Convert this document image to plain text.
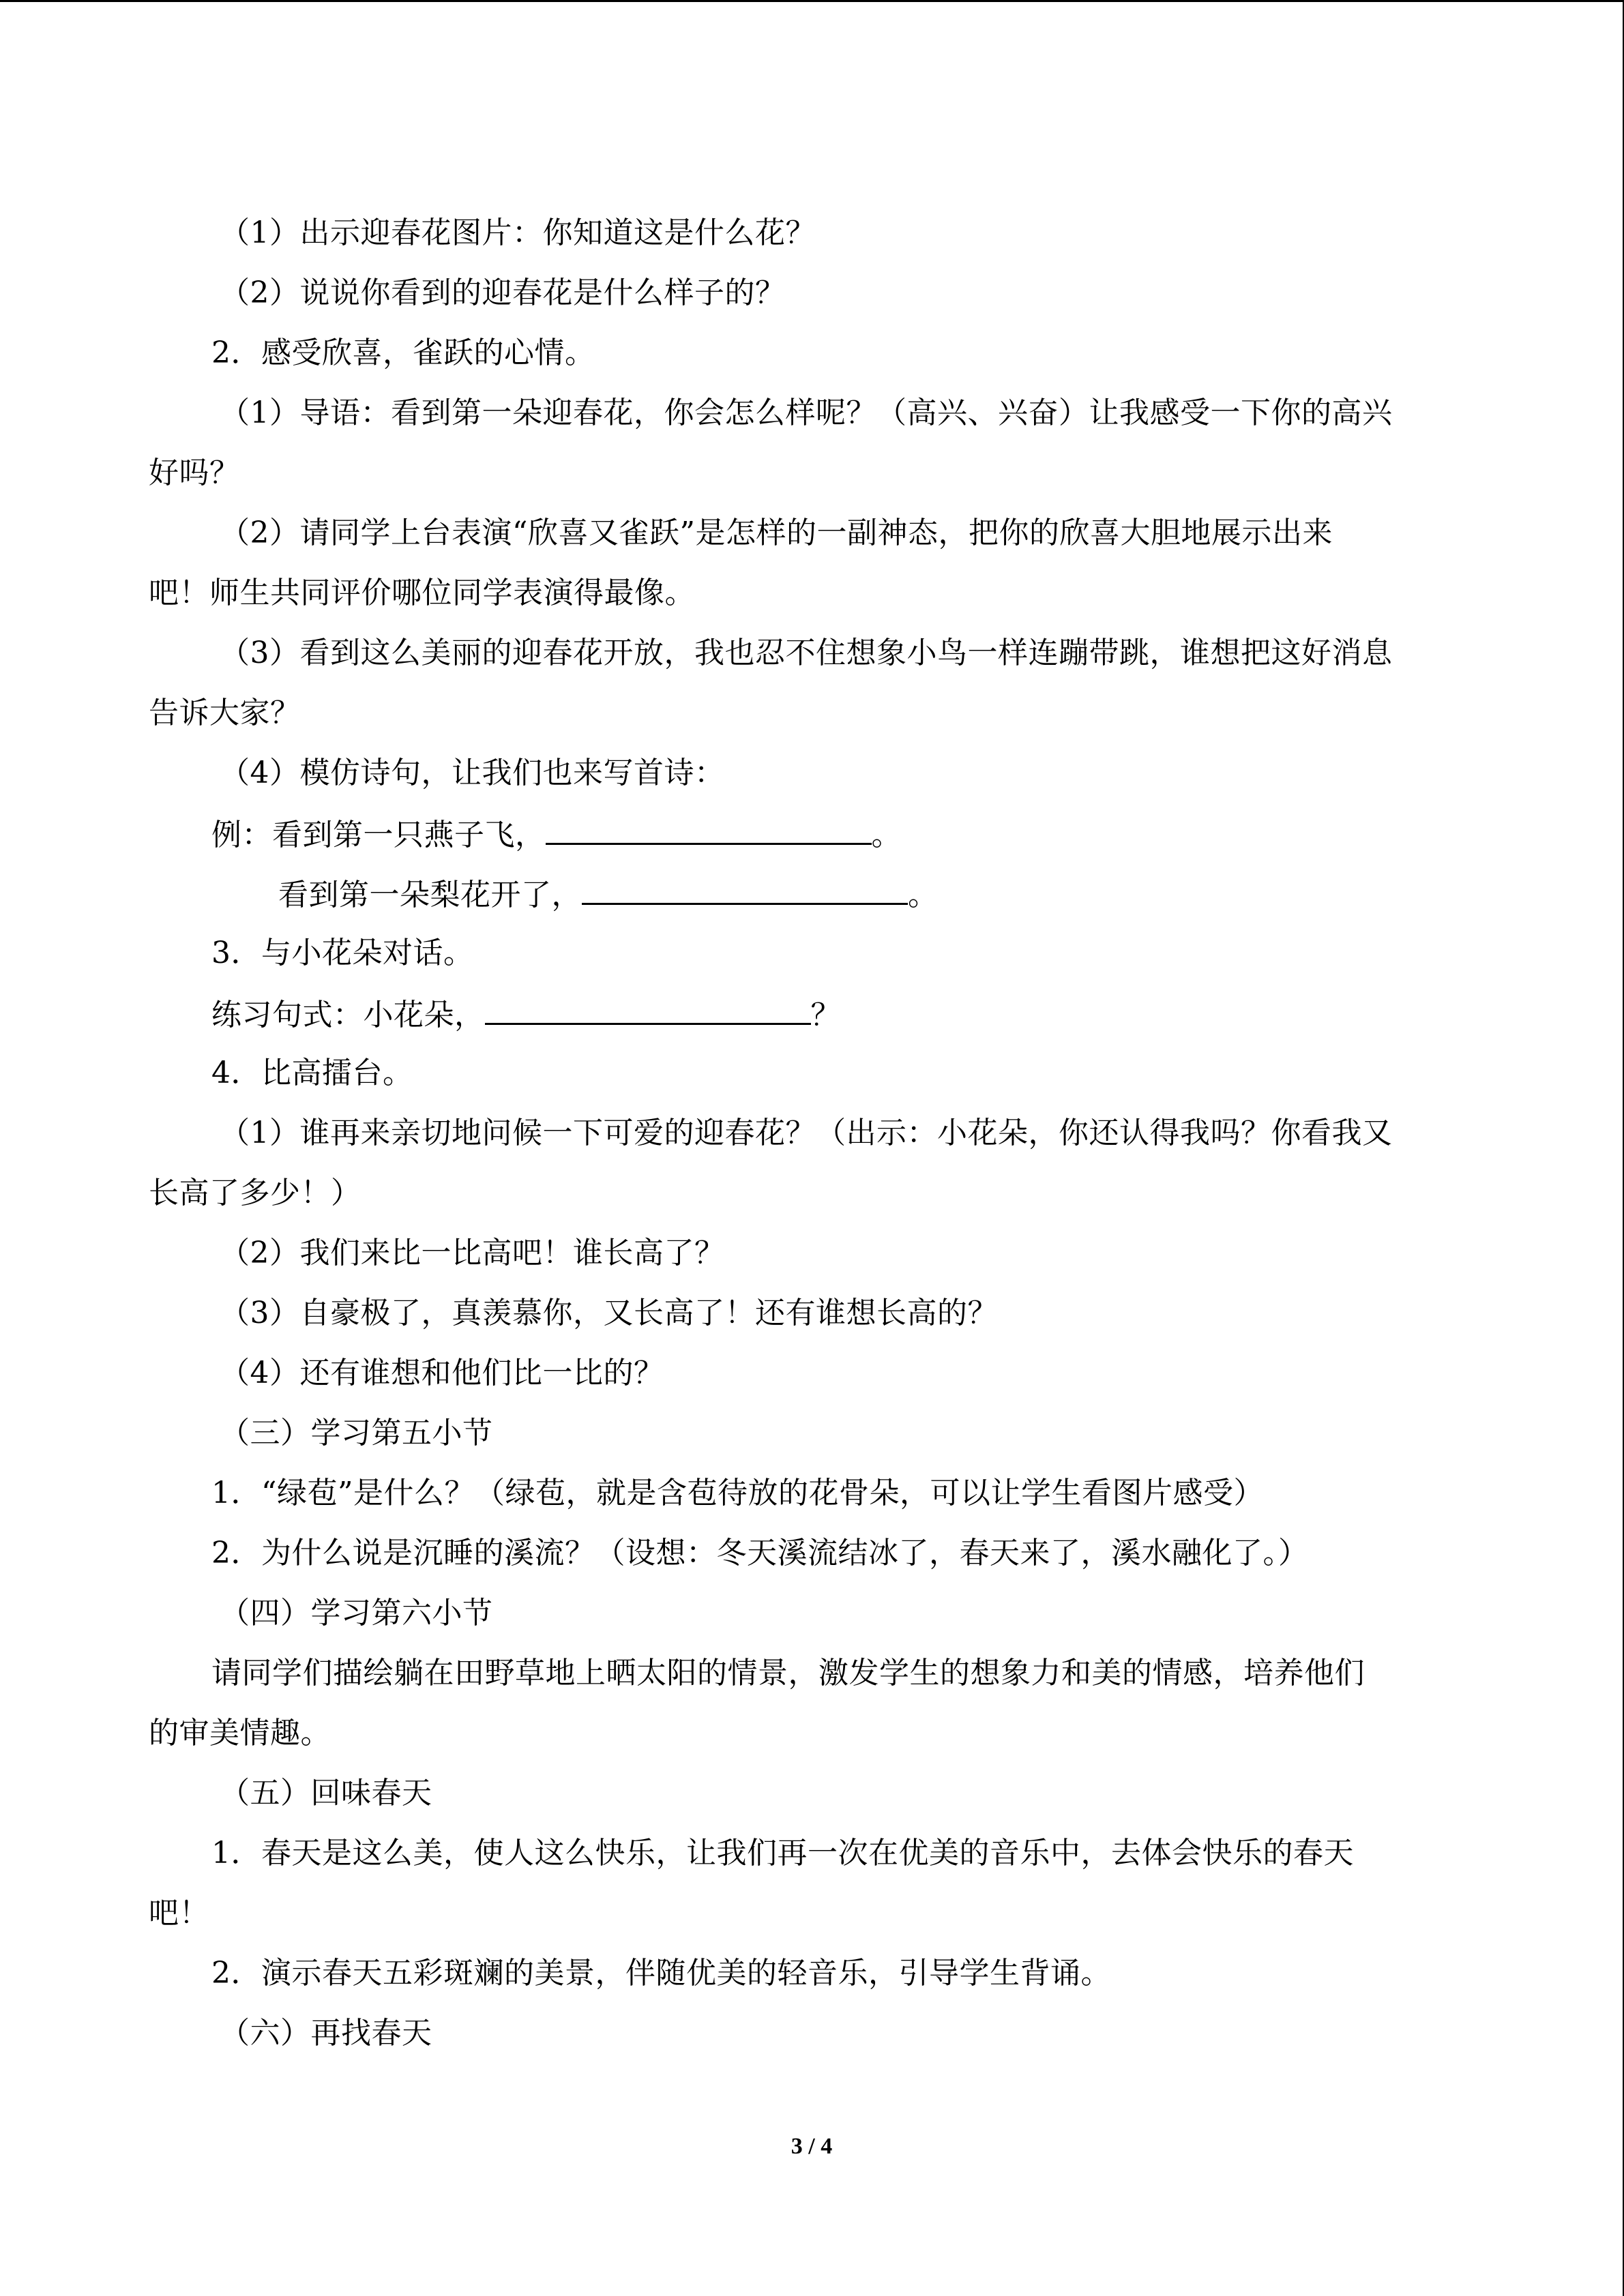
（1）出示迎春花图片：你知道这是什么花？
（2）说说你看到的迎春花是什么样子的？
2．感受欣喜，雀跃的心情。
（1）导语：看到第一朵迎春花，你会怎么样呢？（高兴、兴奋）让我感受一下你的高兴
好吗？
（2）请同学上台表演“欣喜又雀跃”是怎样的一副神态，把你的欣喜大胆地展示出来
吧！师生共同评价哪位同学表演得最像。
（3）看到这么美丽的迎春花开放，我也忍不住想象小鸟一样连蹦带跳，谁想把这好消息
告诉大家？
（4）模仿诗句，让我们也来写首诗：
例：看到第一只燕子飞，	。
看到第一朵梨花开了，	。
3．与小花朵对话。
练习句式：小花朵，	？
4．比高擂台。
（1）谁再来亲切地问候一下可爱的迎春花？（出示：小花朵，你还认得我吗？你看我又
长高了多少！）
（2）我们来比一比高吧！谁长高了？
（3）自豪极了，真羡慕你，又长高了！还有谁想长高的？
（4）还有谁想和他们比一比的？
（三）学习第五小节
1．“绿苞”是什么？（绿苞，就是含苞待放的花骨朵，可以让学生看图片感受）
2．为什么说是沉睡的溪流？（设想：冬天溪流结冰了，春天来了，溪水融化了。）
（四）学习第六小节
请同学们描绘躺在田野草地上晒太阳的情景，激发学生的想象力和美的情感，培养他们
的审美情趣。
（五）回味春天
1．春天是这么美，使人这么快乐，让我们再一次在优美的音乐中，去体会快乐的春天
吧！
2．演示春天五彩斑斓的美景，伴随优美的轻音乐，引导学生背诵。
（六）再找春天
3 / 4
